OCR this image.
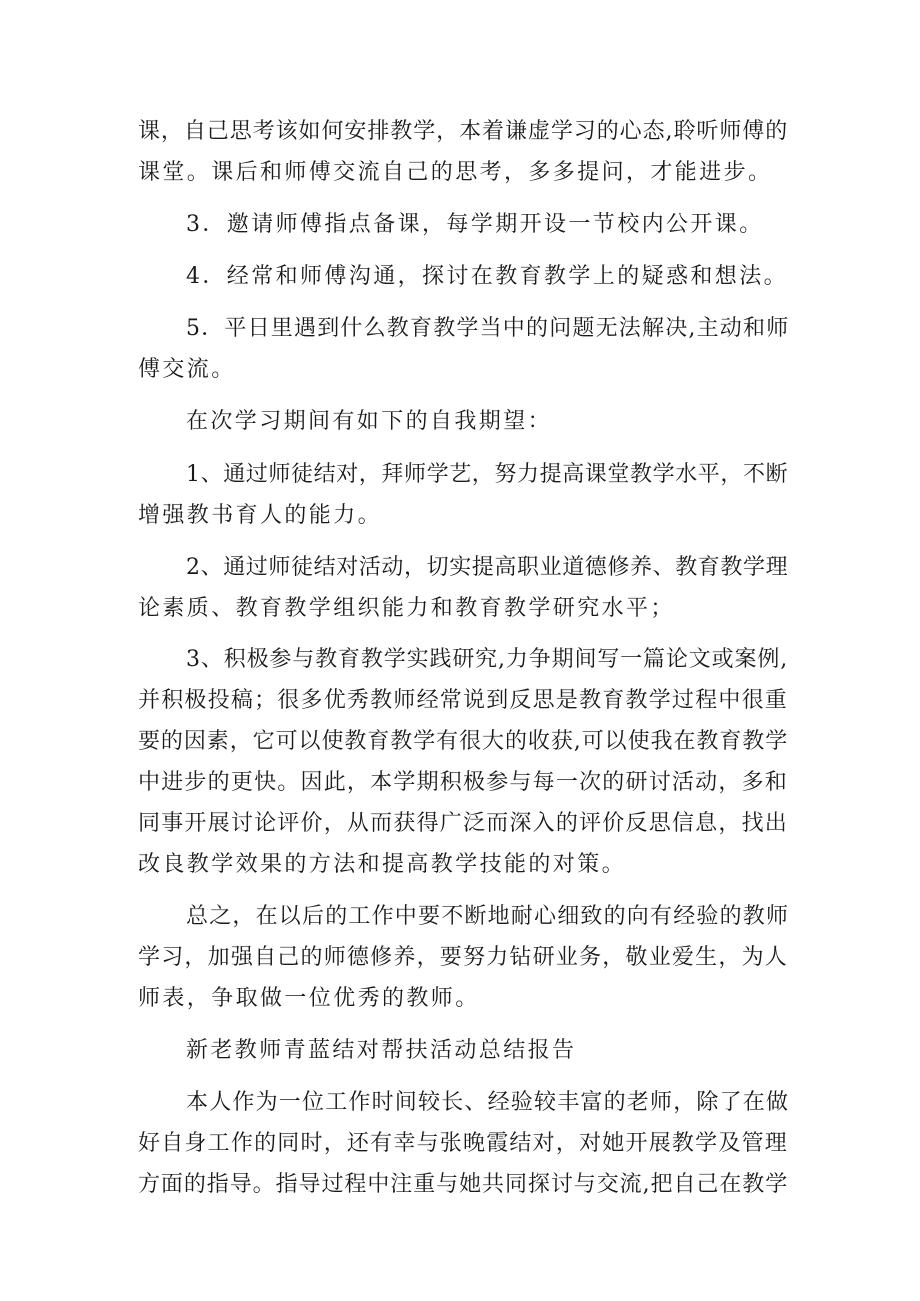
课，自己思考该如何安排教学，本着谦虚学习的心态,聆听师傅的
课堂。课后和师傅交流自己的思考，多多提问，才能进步。
3．邀请师傅指点备课，每学期开设一节校内公开课。
4．经常和师傅沟通，探讨在教育教学上的疑惑和想法。
5．平日里遇到什么教育教学当中的问题无法解决,主动和师
傅交流。
在次学习期间有如下的自我期望：
1、通过师徒结对，拜师学艺，努力提高课堂教学水平，不断
增强教书育人的能力。
2、通过师徒结对活动，切实提高职业道德修养、教育教学理
论素质、教育教学组织能力和教育教学研究水平；
3、积极参与教育教学实践研究,力争期间写一篇论文或案例,
并积极投稿；很多优秀教师经常说到反思是教育教学过程中很重
要的因素，它可以使教育教学有很大的收获,可以使我在教育教学
中进步的更快。因此，本学期积极参与每一次的研讨活动，多和
同事开展讨论评价，从而获得广泛而深入的评价反思信息，找出
改良教学效果的方法和提高教学技能的对策。
总之，在以后的工作中要不断地耐心细致的向有经验的教师
学习，加强自己的师德修养，要努力钻研业务，敬业爱生，为人
师表，争取做一位优秀的教师。
新老教师青蓝结对帮扶活动总结报告
本人作为一位工作时间较长、经验较丰富的老师，除了在做
好自身工作的同时，还有幸与张晚霞结对，对她开展教学及管理
方面的指导。指导过程中注重与她共同探讨与交流,把自己在教学
